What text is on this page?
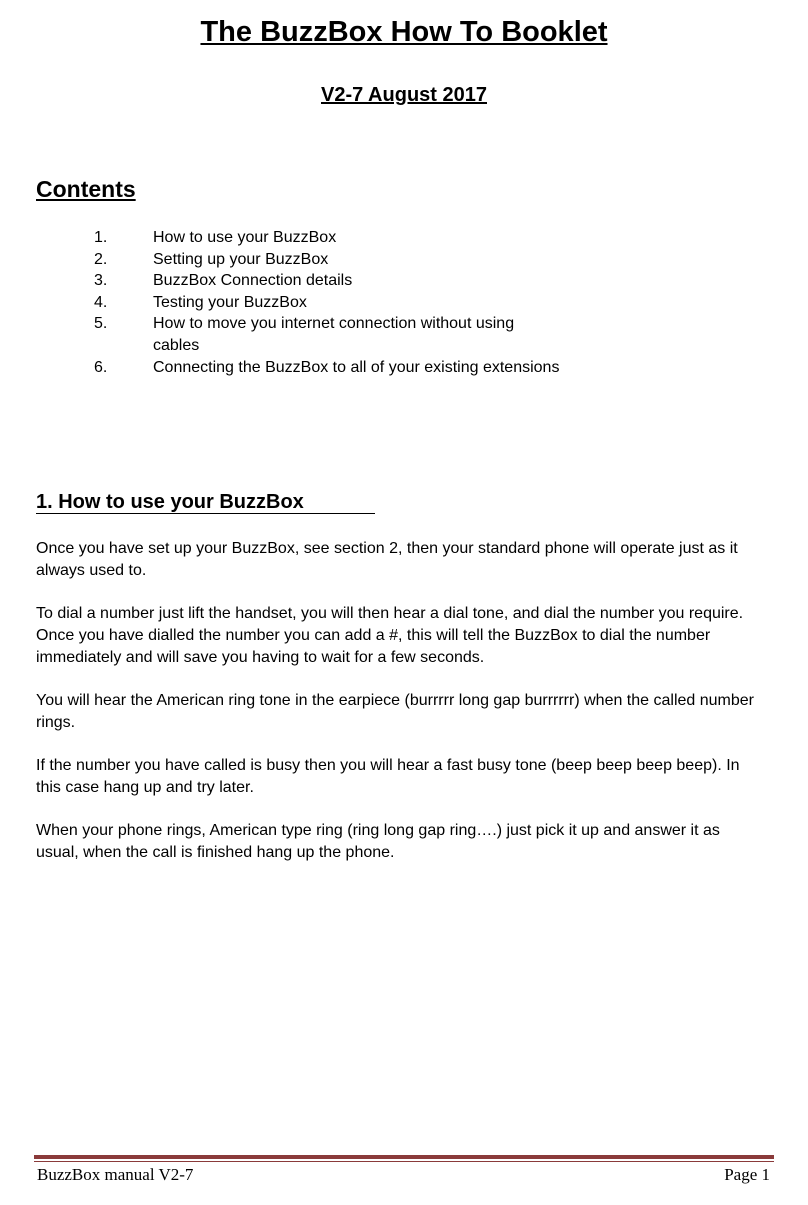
The BuzzBox How To Booklet
V2-7 August 2017
Contents
1.	How to use your BuzzBox
2.	Setting up your BuzzBox
3.	BuzzBox Connection details
4.	Testing your BuzzBox
5.	How to move you internet connection without using cables
6.	Connecting the BuzzBox to all of your existing extensions
1. How to use your BuzzBox

Once you have set up your BuzzBox, see section 2, then your standard phone will operate just as it always used to.

To dial a number just lift the handset, you will then hear a dial tone, and dial the number you require. Once you have dialled the number you can add a #, this will tell the BuzzBox to dial the number immediately and will save you having to wait for a few seconds.

You will hear the American ring tone in the earpiece (burrrrr long gap burrrrrr) when the called number rings.

If the number you have called is busy then you will hear a fast busy tone (beep beep beep beep). In this case hang up and try later.

When your phone rings, American type ring (ring long gap ring….) just pick it up and answer it as usual, when the call is finished hang up the phone.

BuzzBox manual V2-7	Page 1
